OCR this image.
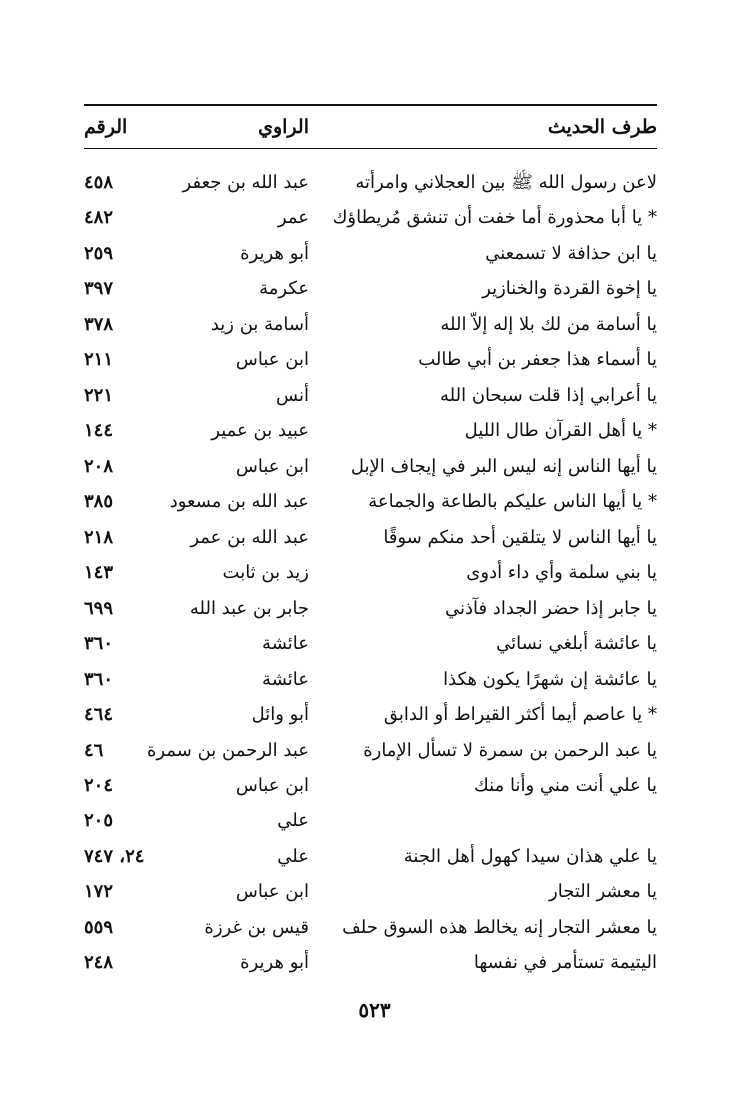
طرف الحديث
الراوي
الرقم
لاعن رسول الله ﷺ بين العجلاني وامرأته
عبد الله بن جعفر
٤٥٨
* يا أبا محذورة أما خفت أن تنشق مُريطاؤك
عمر
٤٨٢
يا ابن حذافة لا تسمعني
أبو هريرة
٢٥٩
يا إخوة القردة والخنازير
عكرمة
٣٩٧
يا أسامة من لك بلا إله إلاّ الله
أسامة بن زيد
٣٧٨
يا أسماء هذا جعفر بن أبي طالب
ابن عباس
٢١١
يا أعرابي إذا قلت سبحان الله
أنس
٢٢١
* يا أهل القرآن طال الليل
عبيد بن عمير
١٤٤
يا أيها الناس إنه ليس البر في إيجاف الإبل
ابن عباس
٢٠٨
* يا أيها الناس عليكم بالطاعة والجماعة
عبد الله بن مسعود
٣٨٥
يا أيها الناس لا يتلقين أحد منكم سوقًا
عبد الله بن عمر
٢١٨
يا بني سلمة وأي داء أدوى
زيد بن ثابت
١٤٣
يا جابر إذا حضر الجداد فآذني
جابر بن عبد الله
٦٩٩
يا عائشة أبلغي نسائي
عائشة
٣٦٠
يا عائشة إن شهرًا يكون هكذا
عائشة
٣٦٠
* يا عاصم أيما أكثر القيراط أو الدابق
أبو وائل
٤٦٤
يا عبد الرحمن بن سمرة لا تسأل الإمارة
عبد الرحمن بن سمرة
٤٦
يا علي أنت مني وأنا منك
ابن عباس
٢٠٤
علي
٢٠٥
يا علي هذان سيدا كهول أهل الجنة
علي
٢٤، ٧٤٧
يا معشر التجار
ابن عباس
١٧٢
يا معشر التجار إنه يخالط هذه السوق حلف
قيس بن غرزة
٥٥٩
اليتيمة تستأمر في نفسها
أبو هريرة
٢٤٨
٥٢٣
